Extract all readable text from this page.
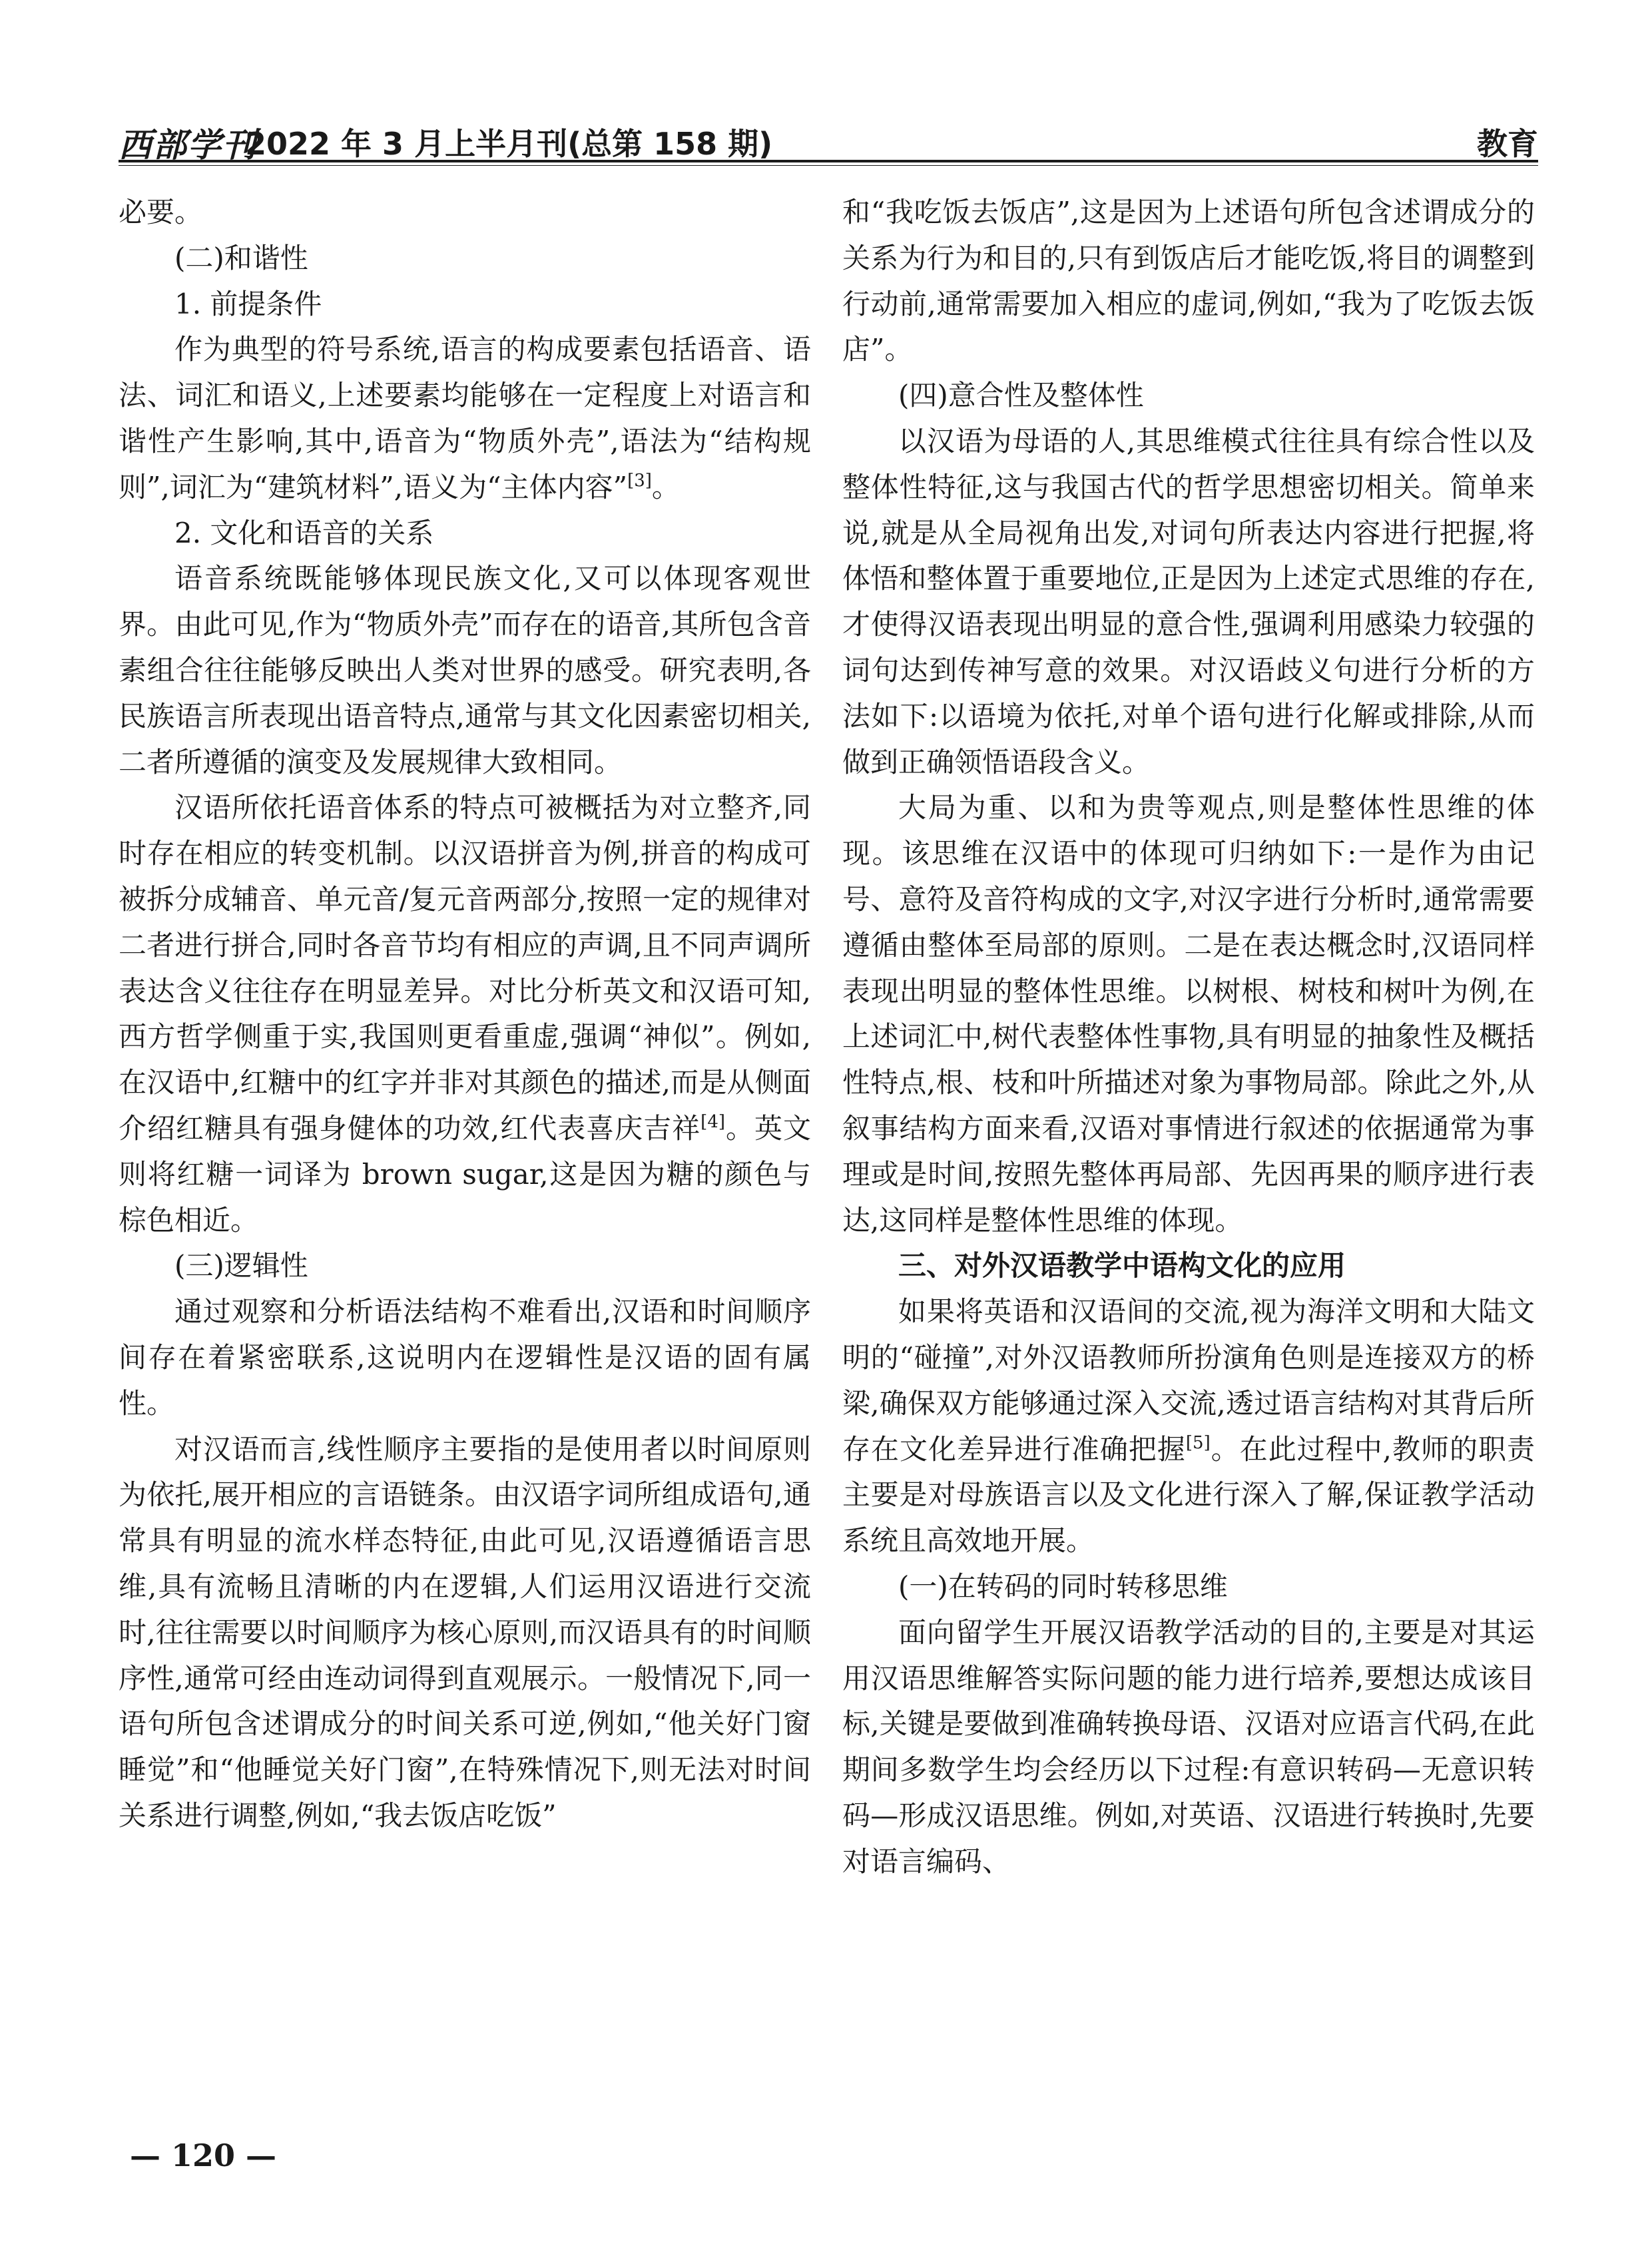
西部学刊
2022 年 3 月上半月刊(总第 158 期)	教育

必要。

(二)和谐性

1. 前提条件

作为典型的符号系统,语言的构成要素包括语音、语法、词汇和语义,上述要素均能够在一定程度上对语言和谐性产生影响,其中,语音为“物质外壳”,语法为“结构规则”,词汇为“建筑材料”,语义为“主体内容”[3]。

2. 文化和语音的关系

语音系统既能够体现民族文化,又可以体现客观世界。由此可见,作为“物质外壳”而存在的语音,其所包含音素组合往往能够反映出人类对世界的感受。研究表明,各民族语言所表现出语音特点,通常与其文化因素密切相关,二者所遵循的演变及发展规律大致相同。

汉语所依托语音体系的特点可被概括为对立整齐,同时存在相应的转变机制。以汉语拼音为例,拼音的构成可被拆分成辅音、单元音/复元音两部分,按照一定的规律对二者进行拼合,同时各音节均有相应的声调,且不同声调所表达含义往往存在明显差异。对比分析英文和汉语可知,西方哲学侧重于实,我国则更看重虚,强调“神似”。例如,在汉语中,红糖中的红字并非对其颜色的描述,而是从侧面介绍红糖具有强身健体的功效,红代表喜庆吉祥[4]。英文则将红糖一词译为 brown sugar,这是因为糖的颜色与棕色相近。

(三)逻辑性

通过观察和分析语法结构不难看出,汉语和时间顺序间存在着紧密联系,这说明内在逻辑性是汉语的固有属性。

对汉语而言,线性顺序主要指的是使用者以时间原则为依托,展开相应的言语链条。由汉语字词所组成语句,通常具有明显的流水样态特征,由此可见,汉语遵循语言思维,具有流畅且清晰的内在逻辑,人们运用汉语进行交流时,往往需要以时间顺序为核心原则,而汉语具有的时间顺序性,通常可经由连动词得到直观展示。一般情况下,同一语句所包含述谓成分的时间关系可逆,例如,“他关好门窗睡觉”和“他睡觉关好门窗”,在特殊情况下,则无法对时间关系进行调整,例如,“我去饭店吃饭”

和“我吃饭去饭店”,这是因为上述语句所包含述谓成分的关系为行为和目的,只有到饭店后才能吃饭,将目的调整到行动前,通常需要加入相应的虚词,例如,“我为了吃饭去饭店”。

(四)意合性及整体性

以汉语为母语的人,其思维模式往往具有综合性以及整体性特征,这与我国古代的哲学思想密切相关。简单来说,就是从全局视角出发,对词句所表达内容进行把握,将体悟和整体置于重要地位,正是因为上述定式思维的存在,才使得汉语表现出明显的意合性,强调利用感染力较强的词句达到传神写意的效果。对汉语歧义句进行分析的方法如下:以语境为依托,对单个语句进行化解或排除,从而做到正确领悟语段含义。

大局为重、以和为贵等观点,则是整体性思维的体现。该思维在汉语中的体现可归纳如下:一是作为由记号、意符及音符构成的文字,对汉字进行分析时,通常需要遵循由整体至局部的原则。二是在表达概念时,汉语同样表现出明显的整体性思维。以树根、树枝和树叶为例,在上述词汇中,树代表整体性事物,具有明显的抽象性及概括性特点,根、枝和叶所描述对象为事物局部。除此之外,从叙事结构方面来看,汉语对事情进行叙述的依据通常为事理或是时间,按照先整体再局部、先因再果的顺序进行表达,这同样是整体性思维的体现。

三、对外汉语教学中语构文化的应用

如果将英语和汉语间的交流,视为海洋文明和大陆文明的“碰撞”,对外汉语教师所扮演角色则是连接双方的桥梁,确保双方能够通过深入交流,透过语言结构对其背后所存在文化差异进行准确把握[5]。在此过程中,教师的职责主要是对母族语言以及文化进行深入了解,保证教学活动系统且高效地开展。

(一)在转码的同时转移思维

面向留学生开展汉语教学活动的目的,主要是对其运用汉语思维解答实际问题的能力进行培养,要想达成该目标,关键是要做到准确转换母语、汉语对应语言代码,在此期间多数学生均会经历以下过程:有意识转码—无意识转码—形成汉语思维。例如,对英语、汉语进行转换时,先要对语言编码、

— 120 —
